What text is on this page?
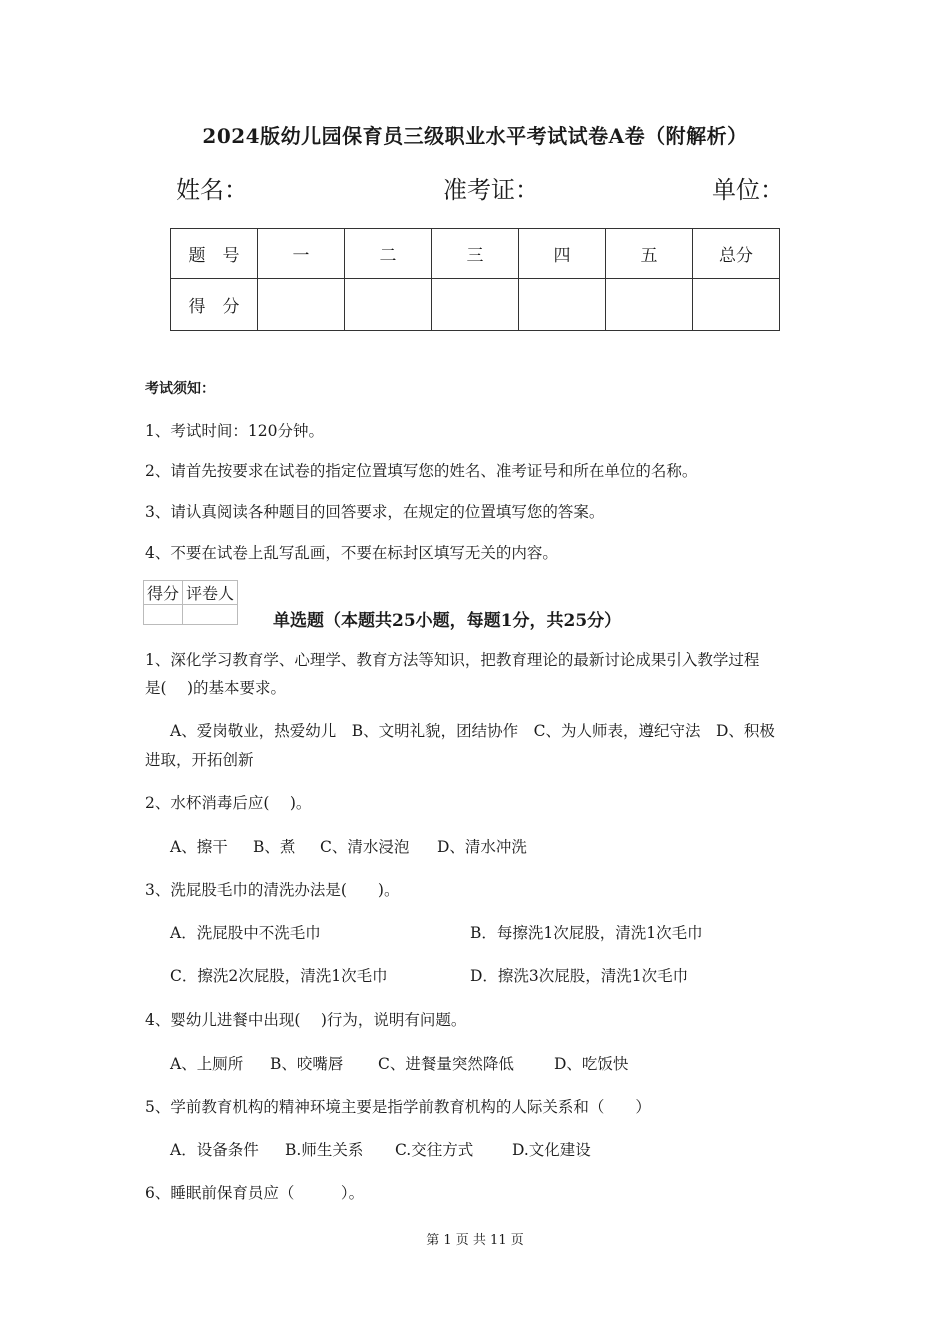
2024版幼儿园保育员三级职业水平考试试卷A卷（附解析）
姓名：	准考证：	单位：
题　号	一	二	三	四	五	总分
得　分						
考试须知：
1、考试时间：120分钟。
2、请首先按要求在试卷的指定位置填写您的姓名、准考证号和所在单位的名称。
3、请认真阅读各种题目的回答要求，在规定的位置填写您的答案。
4、不要在试卷上乱写乱画，不要在标封区填写无关的内容。
得分	评卷人

单选题（本题共25小题，每题1分，共25分）
1、深化学习教育学、心理学、教育方法等知识，把教育理论的最新讨论成果引入教学过程
是(　 )的基本要求。
A、爱岗敬业，热爱幼儿　B、文明礼貌，团结协作　C、为人师表，遵纪守法　D、积极
进取，开拓创新
2、水杯消毒后应(　 )。
A、擦干 B、煮 C、清水浸泡 D、清水冲洗
3、洗屁股毛巾的清洗办法是(　　)。
A．洗屁股中不洗毛巾	B．每擦洗1次屁股，清洗1次毛巾
C．擦洗2次屁股，清洗1次毛巾	D．擦洗3次屁股，清洗1次毛巾
4、婴幼儿进餐中出现(　 )行为，说明有问题。
A、上厕所 B、咬嘴唇 C、进餐量突然降低	D、吃饭快
5、学前教育机构的精神环境主要是指学前教育机构的人际关系和（　　）
A．设备条件 B.师生关系 C.交往方式	D.文化建设
6、睡眠前保育员应（　　　）。
第 1 页 共 11 页
